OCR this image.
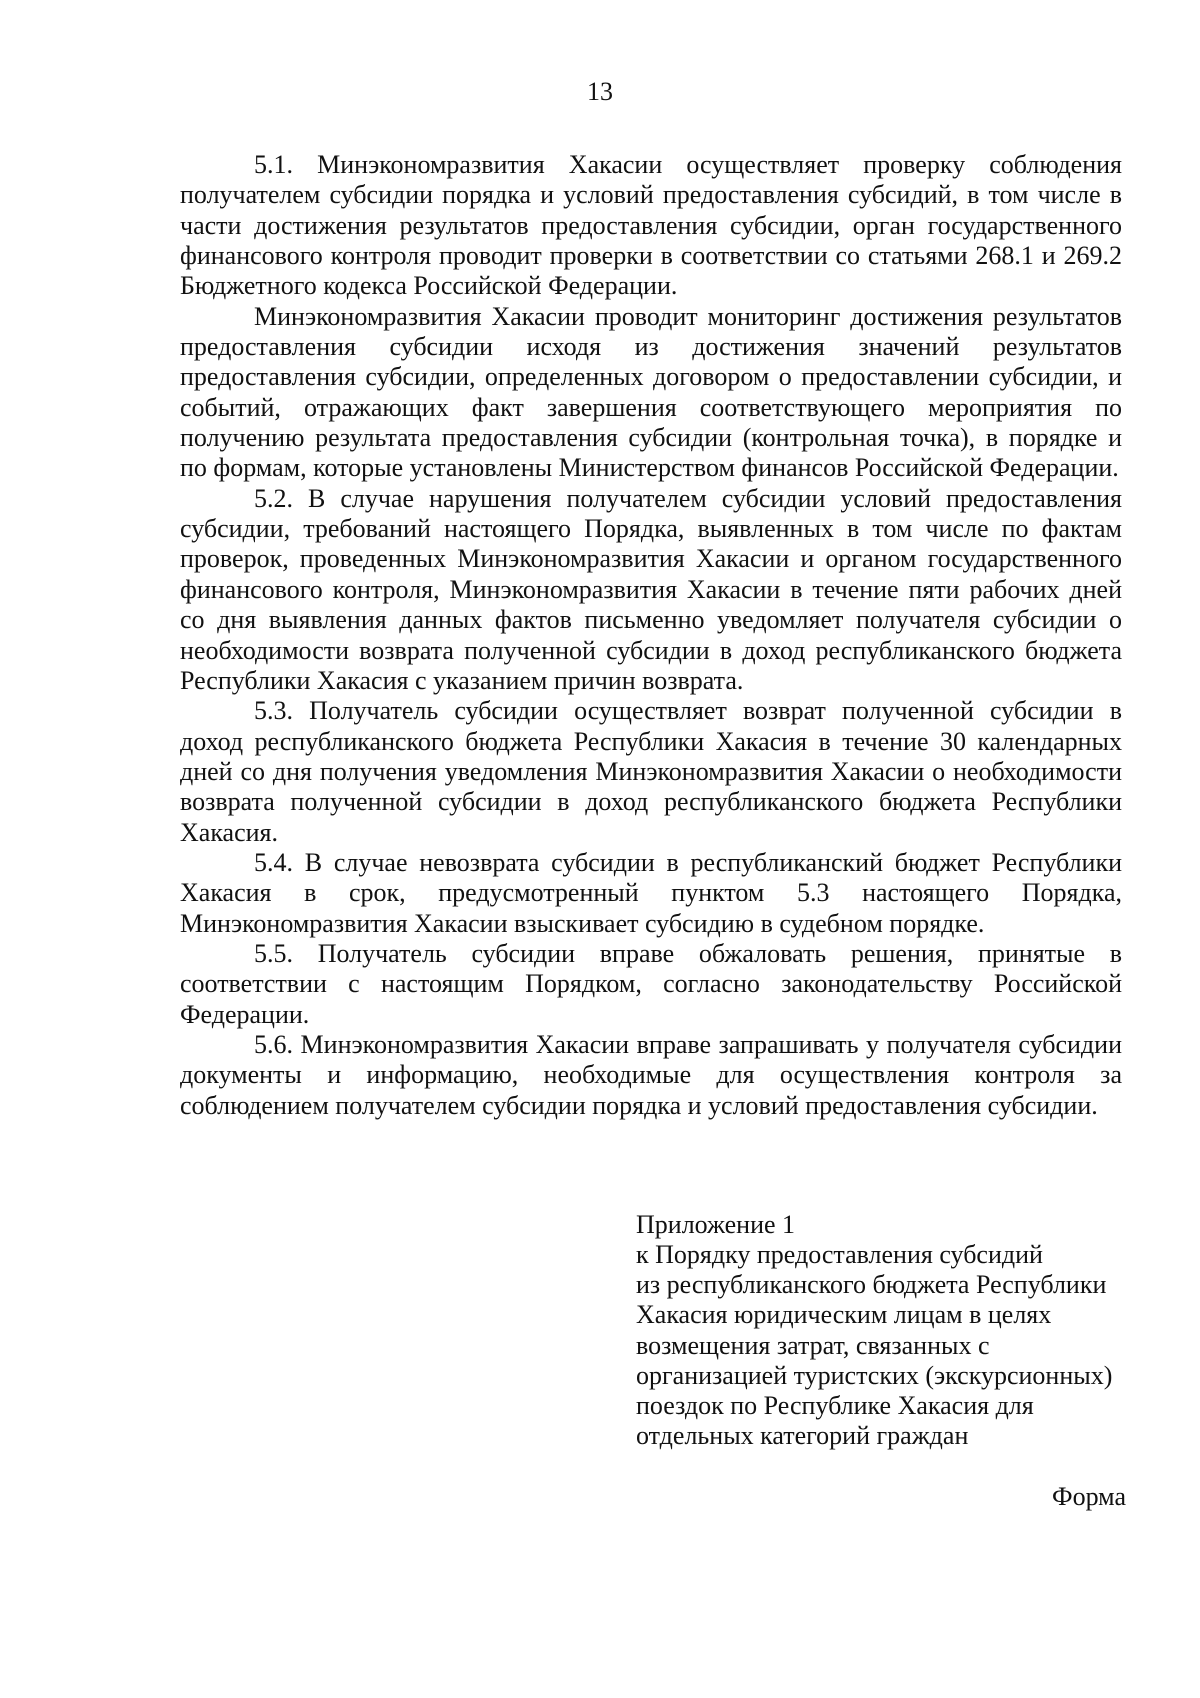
13

5.1. Минэкономразвития Хакасии осуществляет проверку соблюдения получателем субсидии порядка и условий предоставления субсидий, в том числе в части достижения результатов предоставления субсидии, орган государственного финансового контроля проводит проверки в соответствии со статьями 268.1 и 269.2 Бюджетного кодекса Российской Федерации.

Минэкономразвития Хакасии проводит мониторинг достижения результатов предоставления субсидии исходя из достижения значений результатов предоставления субсидии, определенных договором о предоставлении субсидии, и событий, отражающих факт завершения соответствующего мероприятия по получению результата предоставления субсидии (контрольная точка), в порядке и по формам, которые установлены Министерством финансов Российской Федерации.

5.2. В случае нарушения получателем субсидии условий предоставления субсидии, требований настоящего Порядка, выявленных в том числе по фактам проверок, проведенных Минэкономразвития Хакасии и органом государственного финансового контроля, Минэкономразвития Хакасии в течение пяти рабочих дней со дня выявления данных фактов письменно уведомляет получателя субсидии о необходимости возврата полученной субсидии в доход республиканского бюджета Республики Хакасия с указанием причин возврата.

5.3. Получатель субсидии осуществляет возврат полученной субсидии в доход республиканского бюджета Республики Хакасия в течение 30 календарных дней со дня получения уведомления Минэкономразвития Хакасии о необходимости возврата полученной субсидии в доход республиканского бюджета Республики Хакасия.

5.4. В случае невозврата субсидии в республиканский бюджет Республики Хакасия в срок, предусмотренный пунктом 5.3 настоящего Порядка, Минэкономразвития Хакасии взыскивает субсидию в судебном порядке.

5.5. Получатель субсидии вправе обжаловать решения, принятые в соответствии с настоящим Порядком, согласно законодательству Российской Федерации.

5.6. Минэкономразвития Хакасии вправе запрашивать у получателя субсидии документы и информацию, необходимые для осуществления контроля за соблюдением получателем субсидии порядка и условий предоставления субсидии.

Приложение 1

к Порядку предоставления субсидий

из республиканского бюджета Республики

Хакасия юридическим лицам в целях

возмещения затрат, связанных с

организацией туристских (экскурсионных)

поездок по Республике Хакасия для

отдельных категорий граждан

Форма
